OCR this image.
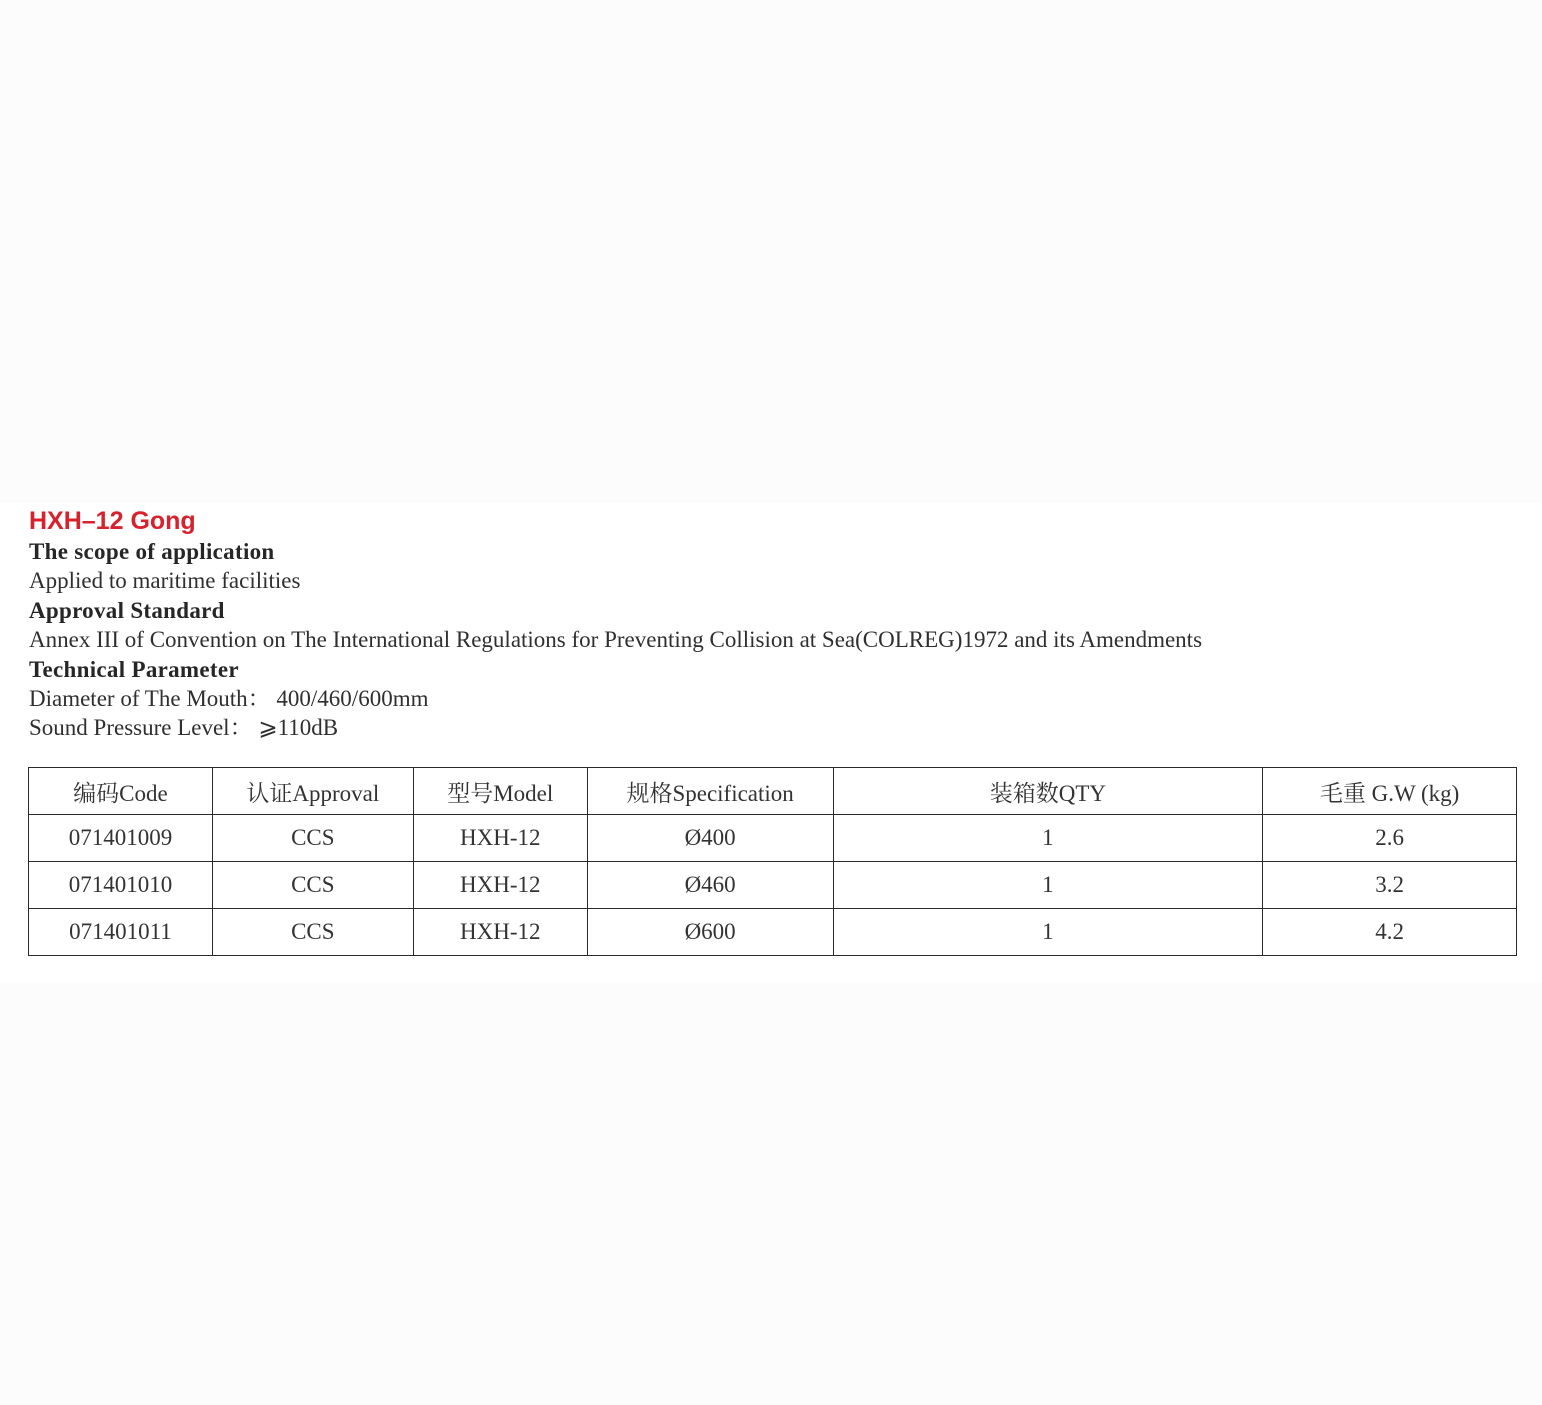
HXH–12 Gong
The scope of application
Applied to maritime facilities
Approval Standard
Annex III of Convention on The International Regulations for Preventing Collision at Sea(COLREG)1972 and its Amendments
Technical Parameter
Diameter of The Mouth： 400/460/600mm
Sound Pressure Level： ⩾110dB
编码Code	认证Approval	型号Model	规格Specification	装箱数QTY	毛重 G.W (kg)
071401009	CCS	HXH-12	Ø400	1	2.6
071401010	CCS	HXH-12	Ø460	1	3.2
071401011	CCS	HXH-12	Ø600	1	4.2
